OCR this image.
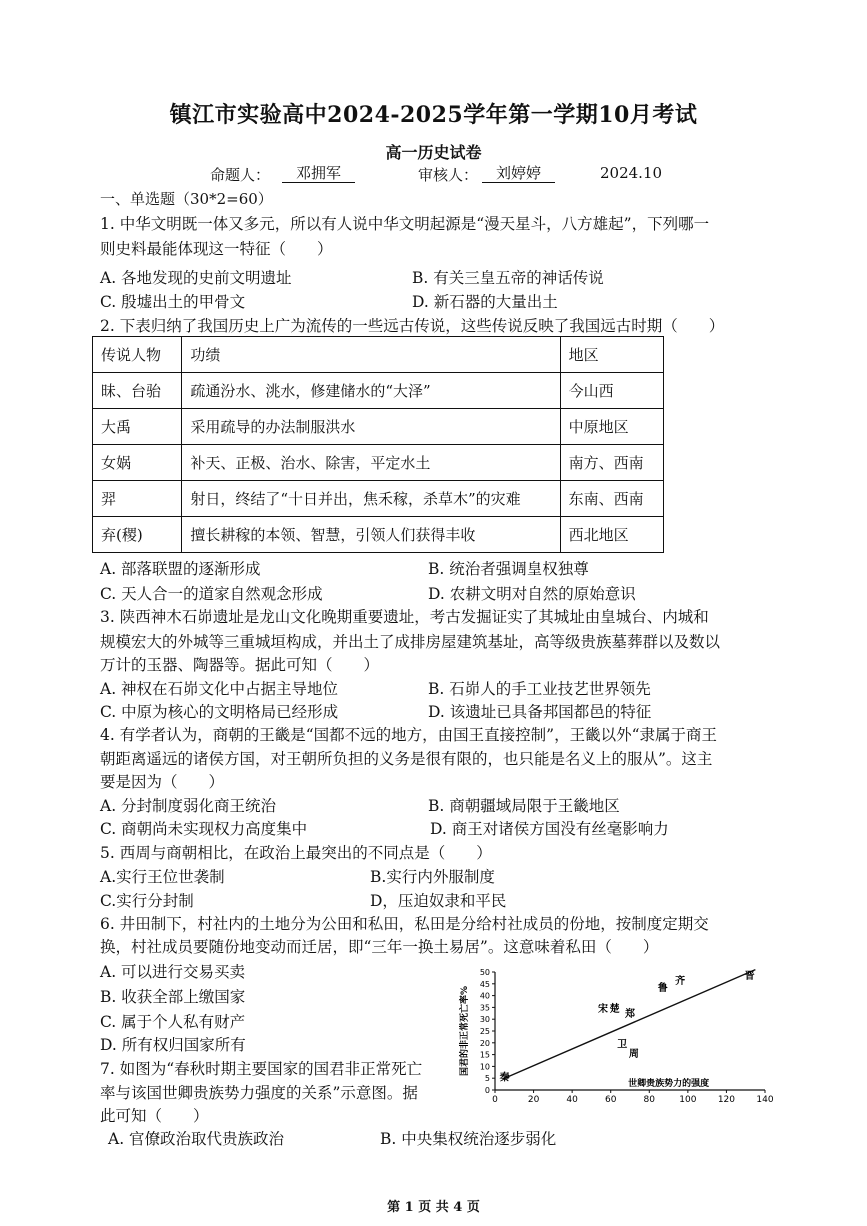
镇江市实验高中2024-2025学年第一学期10月考试
高一历史试卷
命题人：	邓拥军	审核人：	刘婷婷	2024.10
一、单选题（30*2=60）
1. 中华文明既一体又多元，所以有人说中华文明起源是“漫天星斗，八方雄起”，下列哪一
则史料最能体现这一特征（　　）
A. 各地发现的史前文明遗址	B. 有关三皇五帝的神话传说
C. 殷墟出土的甲骨文	D. 新石器的大量出土
2. 下表归纳了我国历史上广为流传的一些远古传说，这些传说反映了我国远古时期（　　）
传说人物	功绩	地区
昧、台骀	疏通汾水、洮水，修建储水的“大泽”	今山西
大禹	采用疏导的办法制服洪水	中原地区
女娲	补天、正极、治水、除害，平定水土	南方、西南
羿	射日，终结了“十日并出，焦禾稼，杀草木”的灾难	东南、西南
弃(稷)	擅长耕稼的本领、智慧，引领人们获得丰收	西北地区
A. 部落联盟的逐渐形成	B. 统治者强调皇权独尊
C. 天人合一的道家自然观念形成	D. 农耕文明对自然的原始意识
3. 陕西神木石峁遗址是龙山文化晚期重要遗址，考古发掘证实了其城址由皇城台、内城和
规模宏大的外城等三重城垣构成，并出土了成排房屋建筑基址，高等级贵族墓葬群以及数以
万计的玉器、陶器等。据此可知（　　）
A. 神权在石峁文化中占据主导地位	B. 石峁人的手工业技艺世界领先
C. 中原为核心的文明格局已经形成	D. 该遗址已具备邦国都邑的特征
4. 有学者认为，商朝的王畿是“国都不远的地方，由国王直接控制”，王畿以外“隶属于商王
朝距离遥远的诸侯方国，对王朝所负担的义务是很有限的，也只能是名义上的服从”。这主
要是因为（　　）
A. 分封制度弱化商王统治	B. 商朝疆域局限于王畿地区
C. 商朝尚未实现权力高度集中	D. 商王对诸侯方国没有丝毫影响力
5. 西周与商朝相比，在政治上最突出的不同点是（　　）
A.实行王位世袭制	B.实行内外服制度
C.实行分封制	D，压迫奴隶和平民
6. 井田制下，村社内的土地分为公田和私田，私田是分给村社成员的份地，按制度定期交
换，村社成员要随份地变动而迁居，即“三年一换土易居”。这意味着私田（　　）
A. 可以进行交易买卖
B. 收获全部上缴国家
C. 属于个人私有财产
D. 所有权归国家所有
7. 如图为“春秋时期主要国家的国君非正常死亡
率与该国世卿贵族势力强度的关系”示意图。据
此可知（　　）
A. 官僚政治取代贵族政治	B. 中央集权统治逐步弱化
0	20	40	60	80	100 120 140
0
5
10
15
20
25
30
35
40
45
50
秦
卫
周
宋 楚 郑
鲁
齐	晋
世卿贵族势力的强度
国君的非正常死亡率%
第 1 页 共 4 页
